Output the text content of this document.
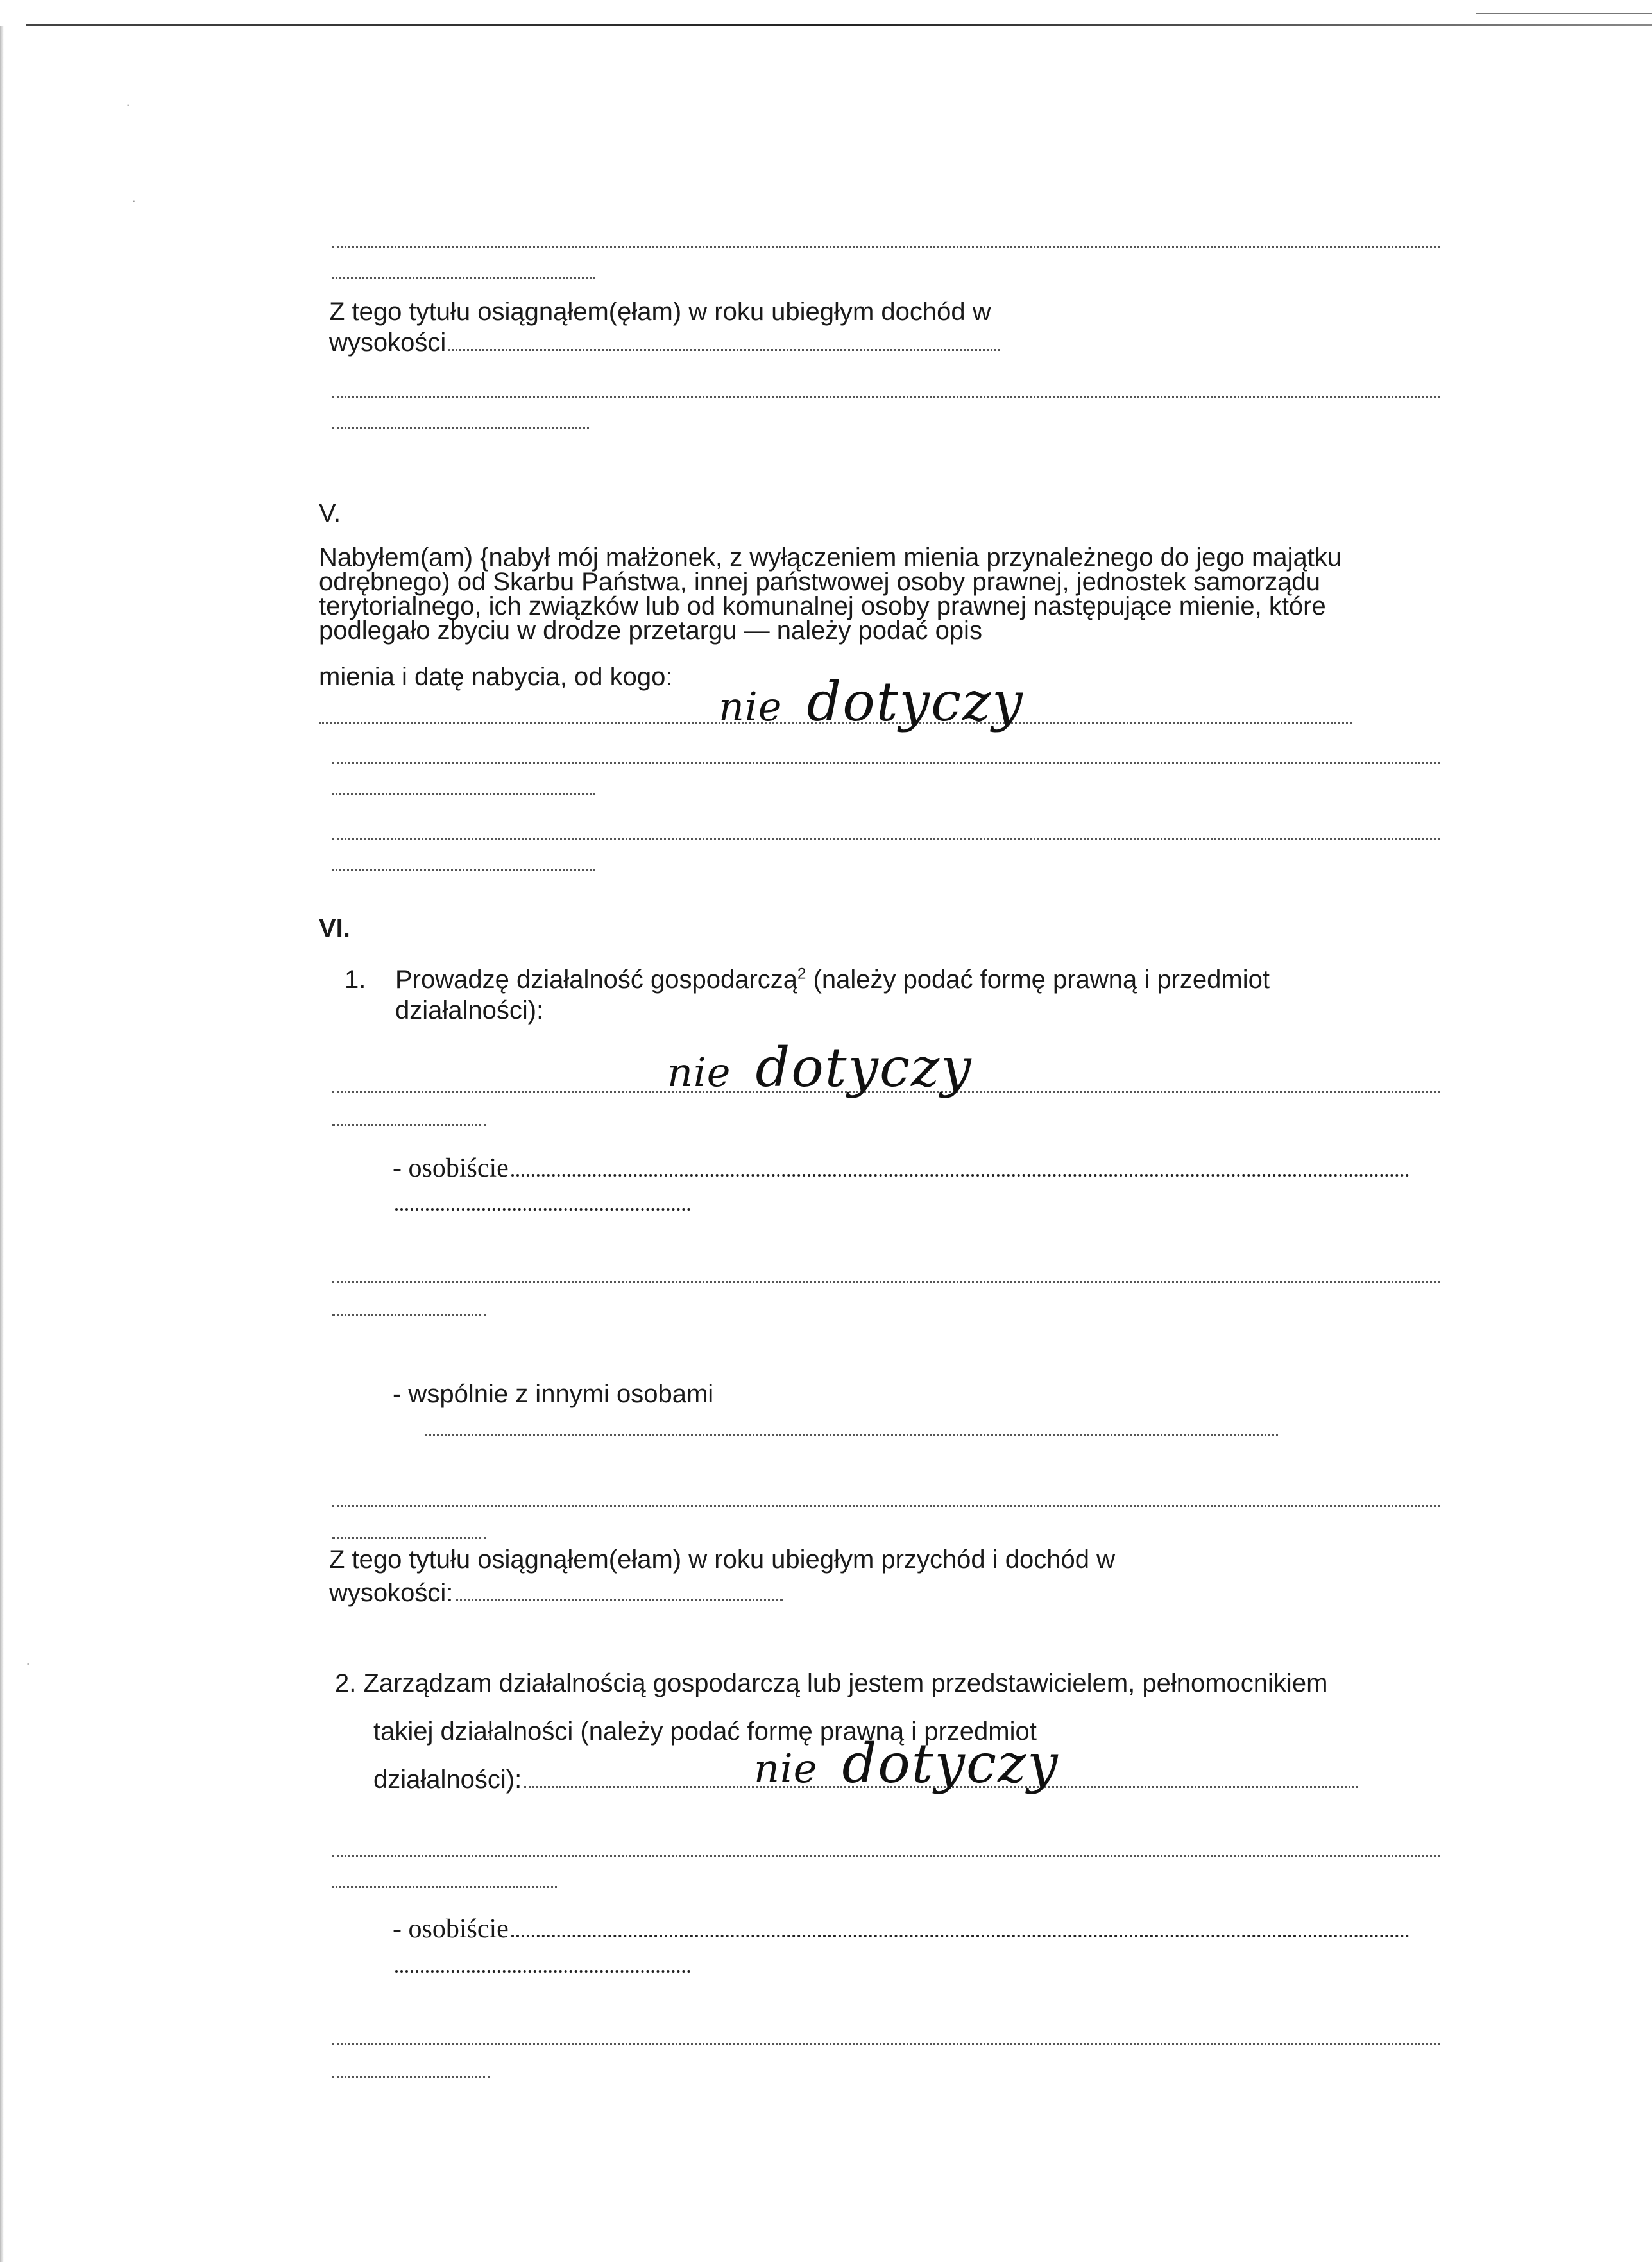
·
·
·
Z tego tytułu osiągnąłem(ęłam) w roku ubiegłym dochód w
wysokości
V.
Nabyłem(am) {nabył mój małżonek, z wyłączeniem mienia przynależnego do jego majątku
odrębnego) od Skarbu Państwa, innej państwowej osoby prawnej, jednostek samorządu
terytorialnego, ich związków lub od komunalnej osoby prawnej następujące mienie, które
podlegało zbyciu w drodze przetargu — należy podać opis
mienia i datę nabycia, od kogo:
nie dotyczy
VI.
1. Prowadzę działalność gospodarczą$^2$ (należy podać formę prawną i przedmiot
działalności):
nie dotyczy
- osobiście
- wspólnie z innymi osobami
Z tego tytułu osiągnąłem(ełam) w roku ubiegłym przychód i dochód w
wysokości:
2. Zarządzam działalnością gospodarczą lub jestem przedstawicielem, pełnomocnikiem
takiej działalności (należy podać formę prawną i przedmiot
działalności):	nie dotyczy
- osobiście
